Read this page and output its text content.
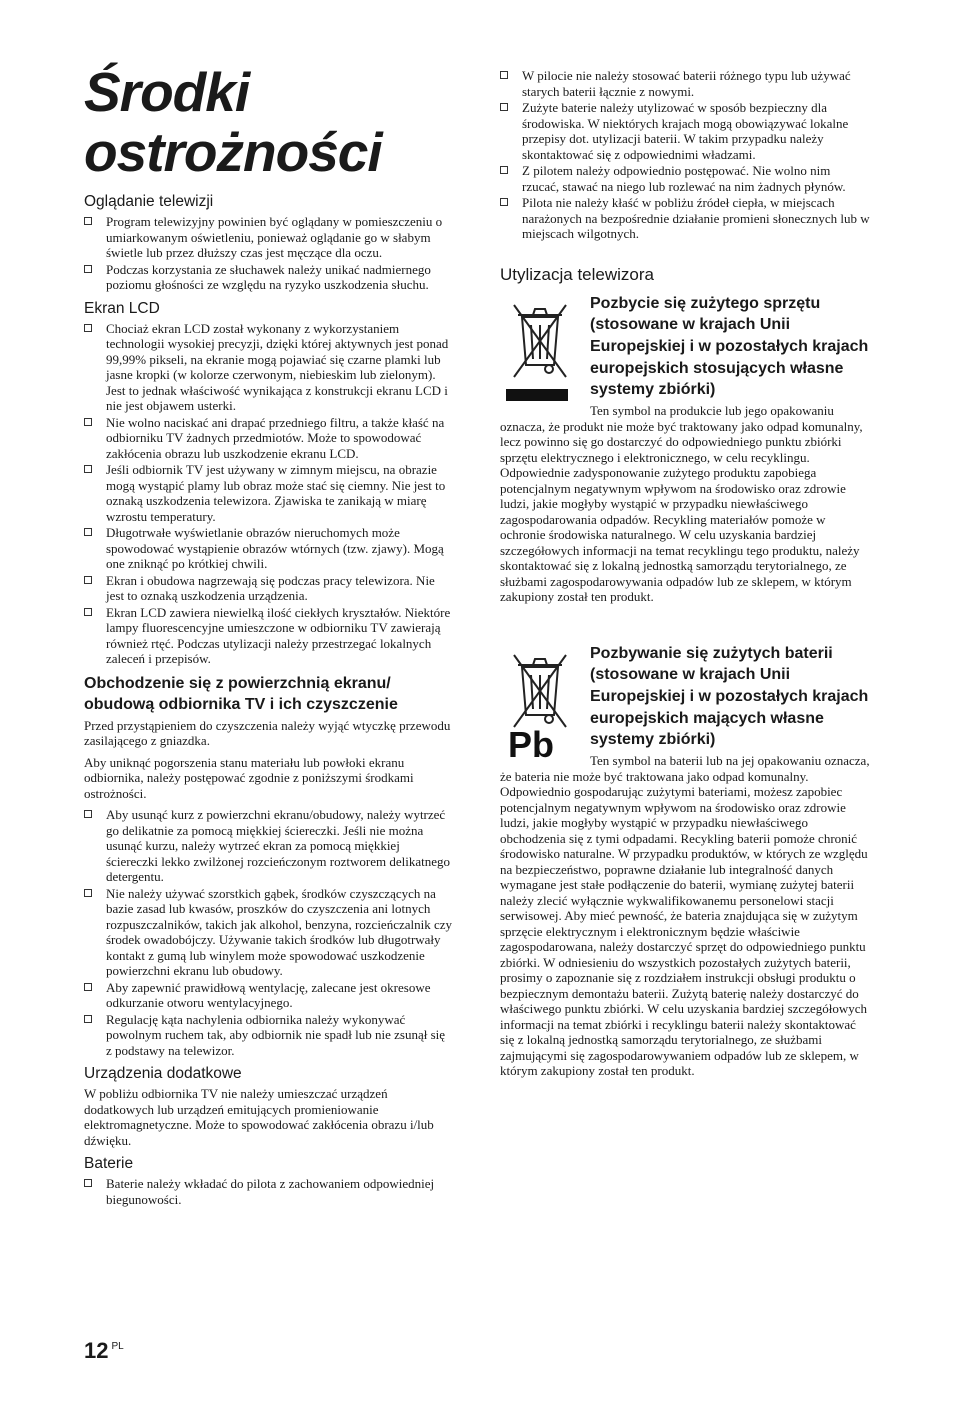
Środki
ostrożności
Oglądanie telewizji
Program telewizyjny powinien być oglądany w pomieszczeniu o umiarkowanym oświetleniu, ponieważ oglądanie go w słabym świetle lub przez dłuższy czas jest męczące dla oczu.
Podczas korzystania ze słuchawek należy unikać nadmiernego poziomu głośności ze względu na ryzyko uszkodzenia słuchu.
Ekran LCD
Chociaż ekran LCD został wykonany z wykorzystaniem technologii wysokiej precyzji, dzięki której aktywnych jest ponad 99,99% pikseli, na ekranie mogą pojawiać się czarne plamki lub jasne kropki (w kolorze czerwonym, niebieskim lub zielonym). Jest to jednak właściwość wynikająca z konstrukcji ekranu LCD i nie jest objawem usterki.
Nie wolno naciskać ani drapać przedniego filtru, a także kłaść na odbiorniku TV żadnych przedmiotów. Może to spowodować zakłócenia obrazu lub uszkodzenie ekranu LCD.
Jeśli odbiornik TV jest używany w zimnym miejscu, na obrazie mogą wystąpić plamy lub obraz może stać się ciemny. Nie jest to oznaką uszkodzenia telewizora. Zjawiska te zanikają w miarę wzrostu temperatury.
Długotrwałe wyświetlanie obrazów nieruchomych może spowodować wystąpienie obrazów wtórnych (tzw. zjawy). Mogą one zniknąć po krótkiej chwili.
Ekran i obudowa nagrzewają się podczas pracy telewizora. Nie jest to oznaką uszkodzenia urządzenia.
Ekran LCD zawiera niewielką ilość ciekłych kryształów. Niektóre lampy fluorescencyjne umieszczone w odbiorniku TV zawierają również rtęć. Podczas utylizacji należy przestrzegać lokalnych zaleceń i przepisów.
Obchodzenie się z powierzchnią ekranu/ obudową odbiornika TV i ich czyszczenie

Przed przystąpieniem do czyszczenia należy wyjąć wtyczkę przewodu zasilającego z gniazdka.

Aby uniknąć pogorszenia stanu materiału lub powłoki ekranu odbiornika, należy postępować zgodnie z poniższymi środkami ostrożności.

Aby usunąć kurz z powierzchni ekranu/obudowy, należy wytrzeć go delikatnie za pomocą miękkiej ściereczki. Jeśli nie można usunąć kurzu, należy wytrzeć ekran za pomocą miękkiej ściereczki lekko zwilżonej rozcieńczonym roztworem delikatnego detergentu.
Nie należy używać szorstkich gąbek, środków czyszczących na bazie zasad lub kwasów, proszków do czyszczenia ani lotnych rozpuszczalników, takich jak alkohol, benzyna, rozcieńczalnik czy środek owadobójczy. Używanie takich środków lub długotrwały kontakt z gumą lub winylem może spowodować uszkodzenie powierzchni ekranu lub obudowy.
Aby zapewnić prawidłową wentylację, zalecane jest okresowe odkurzanie otworu wentylacyjnego.
Regulację kąta nachylenia odbiornika należy wykonywać powolnym ruchem tak, aby odbiornik nie spadł lub nie zsunął się z podstawy na telewizor.
Urządzenia dodatkowe

W pobliżu odbiornika TV nie należy umieszczać urządzeń dodatkowych lub urządzeń emitujących promieniowanie elektromagnetyczne. Może to spowodować zakłócenia obrazu i/lub dźwięku.

Baterie
Baterie należy wkładać do pilota z zachowaniem odpowiedniej biegunowości.
W pilocie nie należy stosować baterii różnego typu lub używać starych baterii łącznie z nowymi.
Zużyte baterie należy utylizować w sposób bezpieczny dla środowiska. W niektórych krajach mogą obowiązywać lokalne przepisy dot. utylizacji baterii. W takim przypadku należy skontaktować się z odpowiednimi władzami.
Z pilotem należy odpowiednio postępować. Nie wolno nim rzucać, stawać na niego lub rozlewać na nim żadnych płynów.
Pilota nie należy kłaść w pobliżu źródeł ciepła, w miejscach narażonych na bezpośrednie działanie promieni słonecznych lub w miejscach wilgotnych.
Utylizacja telewizora
Pozbycie się zużytego sprzętu (stosowane w krajach Unii Europejskiej i w pozostałych krajach europejskich stosujących własne systemy zbiórki)

Ten symbol na produkcie lub jego opakowaniu oznacza, że produkt nie może być traktowany jako odpad komunalny, lecz powinno się go dostarczyć do odpowiedniego punktu zbiórki sprzętu elektrycznego i elektronicznego, w celu recyklingu. Odpowiednie zadysponowanie zużytego produktu zapobiega potencjalnym negatywnym wpływom na środowisko oraz zdrowie ludzi, jakie mogłyby wystąpić w przypadku niewłaściwego zagospodarowania odpadów. Recykling materiałów pomoże w ochronie środowiska naturalnego. W celu uzyskania bardziej szczegółowych informacji na temat recyklingu tego produktu, należy skontaktować się z lokalną jednostką samorządu terytorialnego, ze służbami zagospodarowywania odpadów lub ze sklepem, w którym zakupiony został ten produkt.

Pb
Pozbywanie się zużytych baterii (stosowane w krajach Unii Europejskiej i w pozostałych krajach europejskich mających własne systemy zbiórki)

Ten symbol na baterii lub na jej opakowaniu oznacza, że bateria nie może być traktowana jako odpad komunalny. Odpowiednio gospodarując zużytymi bateriami, możesz zapobiec potencjalnym negatywnym wpływom na środowisko oraz zdrowie ludzi, jakie mogłyby wystąpić w przypadku niewłaściwego obchodzenia się z tymi odpadami. Recykling baterii pomoże chronić środowisko naturalne. W przypadku produktów, w których ze względu na bezpieczeństwo, poprawne działanie lub integralność danych wymagane jest stałe podłączenie do baterii, wymianę zużytej baterii należy zlecić wyłącznie wykwalifikowanemu personelowi stacji serwisowej. Aby mieć pewność, że bateria znajdująca się w zużytym sprzęcie elektrycznym i elektronicznym będzie właściwie zagospodarowana, należy dostarczyć sprzęt do odpowiedniego punktu zbiórki. W odniesieniu do wszystkich pozostałych zużytych baterii, prosimy o zapoznanie się z rozdziałem instrukcji obsługi produktu o bezpiecznym demontażu baterii. Zużytą baterię należy dostarczyć do właściwego punktu zbiórki. W celu uzyskania bardziej szczegółowych informacji na temat zbiórki i recyklingu baterii należy skontaktować się z lokalną jednostką samorządu terytorialnego, ze służbami zajmującymi się zagospodarowywaniem odpadów lub ze sklepem, w którym zakupiony został ten produkt.

12 $^{PL}$
